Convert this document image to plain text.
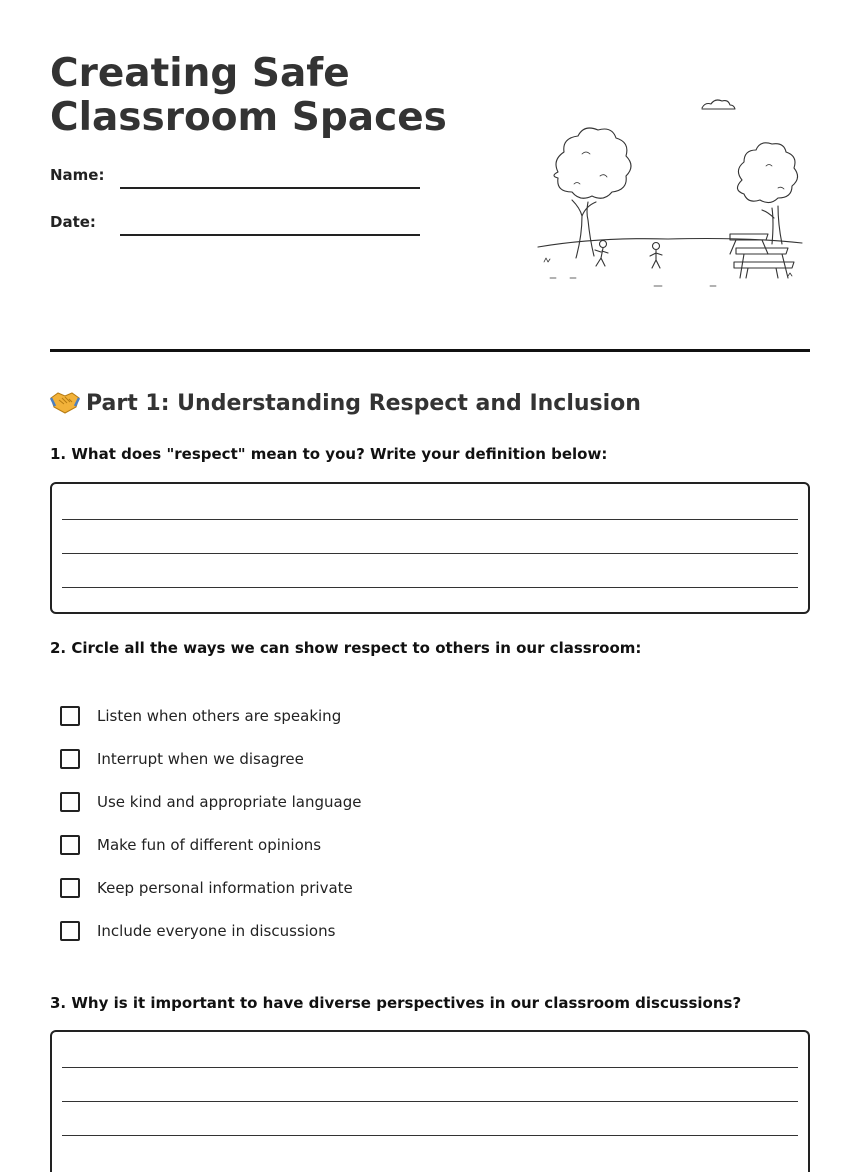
Creating Safe Classroom Spaces
Name:
Date:
Part 1: Understanding Respect and Inclusion
1. What does "respect" mean to you? Write your definition below:
2. Circle all the ways we can show respect to others in our classroom:
Listen when others are speaking
Interrupt when we disagree
Use kind and appropriate language
Make fun of different opinions
Keep personal information private
Include everyone in discussions
3. Why is it important to have diverse perspectives in our classroom discussions?
